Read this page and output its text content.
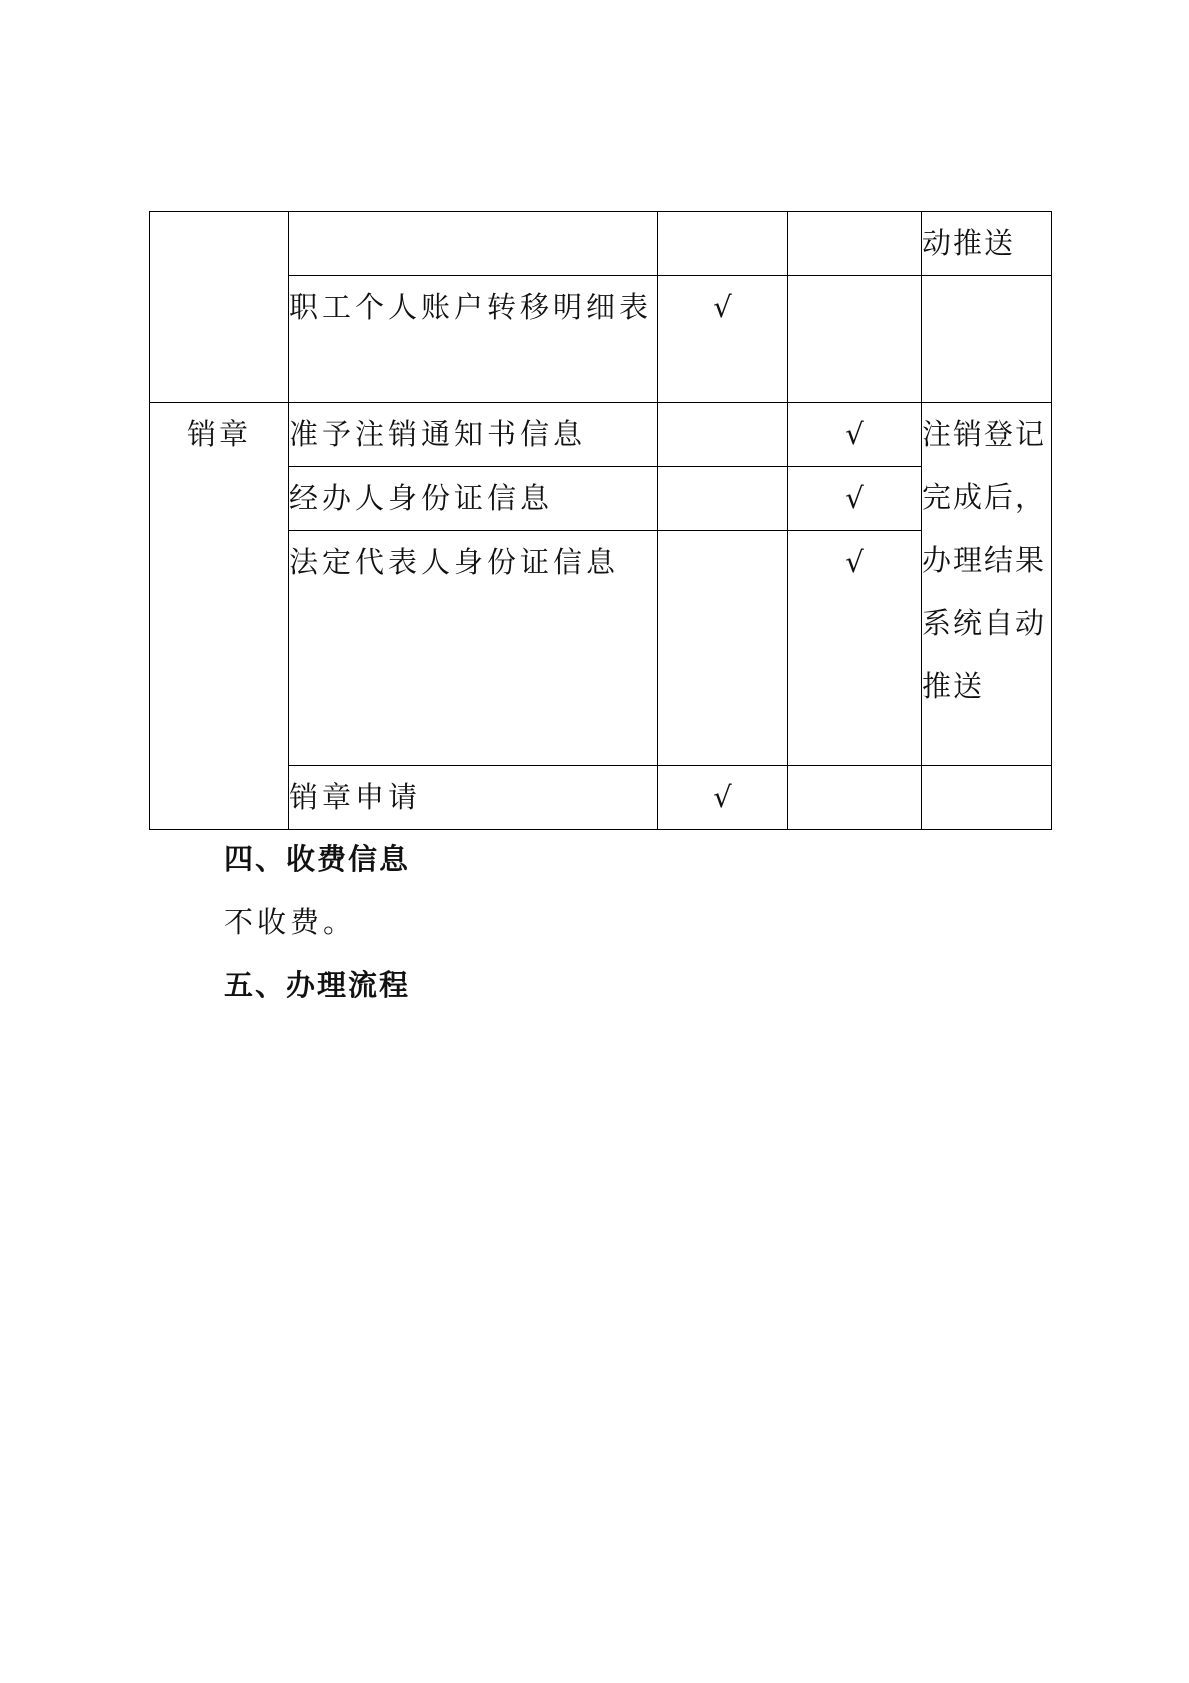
				动推送
	职工个人账户转移明细表	√		
销章	准予注销通知书信息		√	注销登记完成后，办理结果系统自动推送
	经办人身份证信息		√	
	法定代表人身份证信息		√	
	销章申请	√		
四、收费信息
不收费。
五、办理流程
